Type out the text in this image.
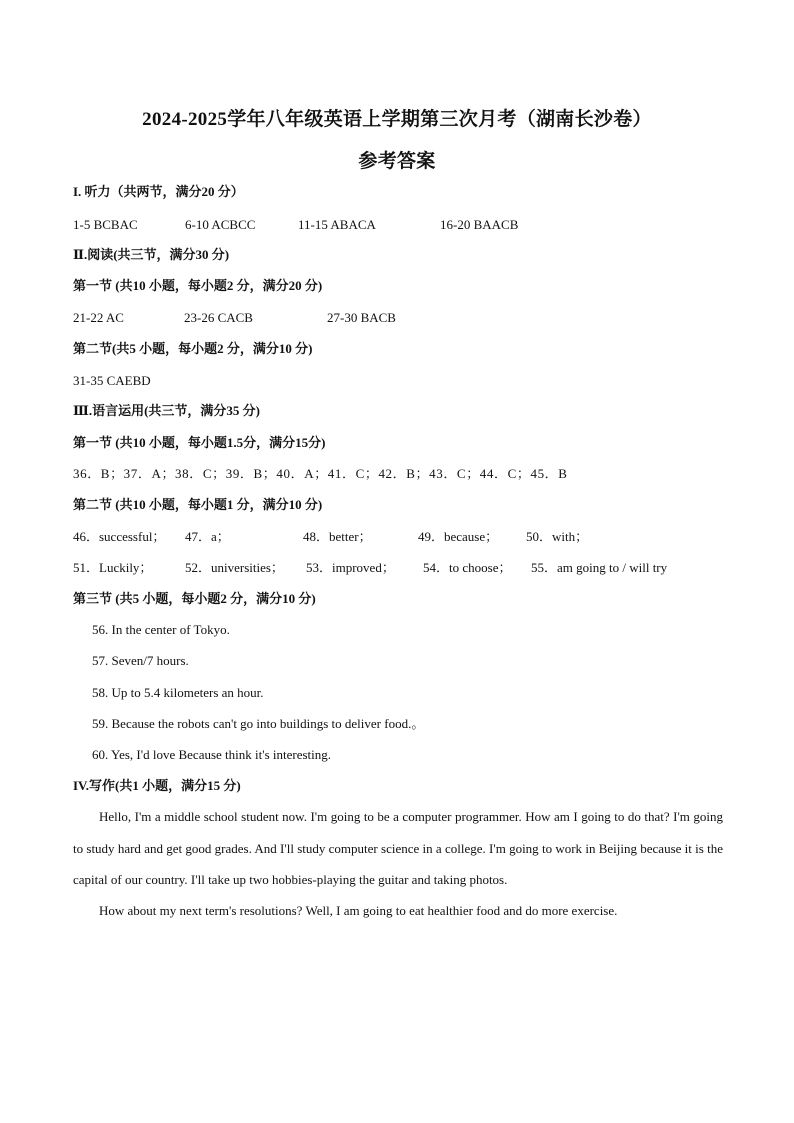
2024-2025学年八年级英语上学期第三次月考（湖南长沙卷）
参考答案
I. 听力（共两节，满分20 分）
1-5 BCBAC	6-10 ACBCC	11-15 ABACA	16-20 BAACB
Ⅱ.阅读(共三节，满分30 分)
第一节 (共10 小题，每小题2 分，满分20 分)
21-22 AC	23-26 CACB	27-30 BACB
第二节(共5 小题，每小题2 分，满分10 分)
31-35 CAEBD
Ⅲ.语言运用(共三节，满分35 分)
第一节 (共10 小题，每小题1.5分，满分15分)
36．B；37．A；38．C；39．B；40．A；41．C；42．B；43．C；44．C；45．B
第二节 (共10 小题，每小题1 分，满分10 分)
46．successful； 47．a；	48．better；	49．because； 50．with；
51．Luckily；	52．universities； 53．improved； 54．to choose； 55．am going to / will try
第三节 (共5 小题，每小题2 分，满分10 分)
56. In the center of Tokyo.
57. Seven/7 hours.
58. Up to 5.4 kilometers an hour.
59. Because the robots can't go into buildings to deliver food.。
60. Yes, I'd love Because think it's interesting.
IV.写作(共1 小题，满分15 分)
Hello, I'm a middle school student now. I'm going to be a computer programmer. How am I going to do that? I'm going to study hard and get good grades. And I'll study computer science in a college. I'm going to work in Beijing because it is the capital of our country. I'll take up two hobbies-playing the guitar and taking photos.
How about my next term's resolutions? Well, I am going to eat healthier food and do more exercise.
